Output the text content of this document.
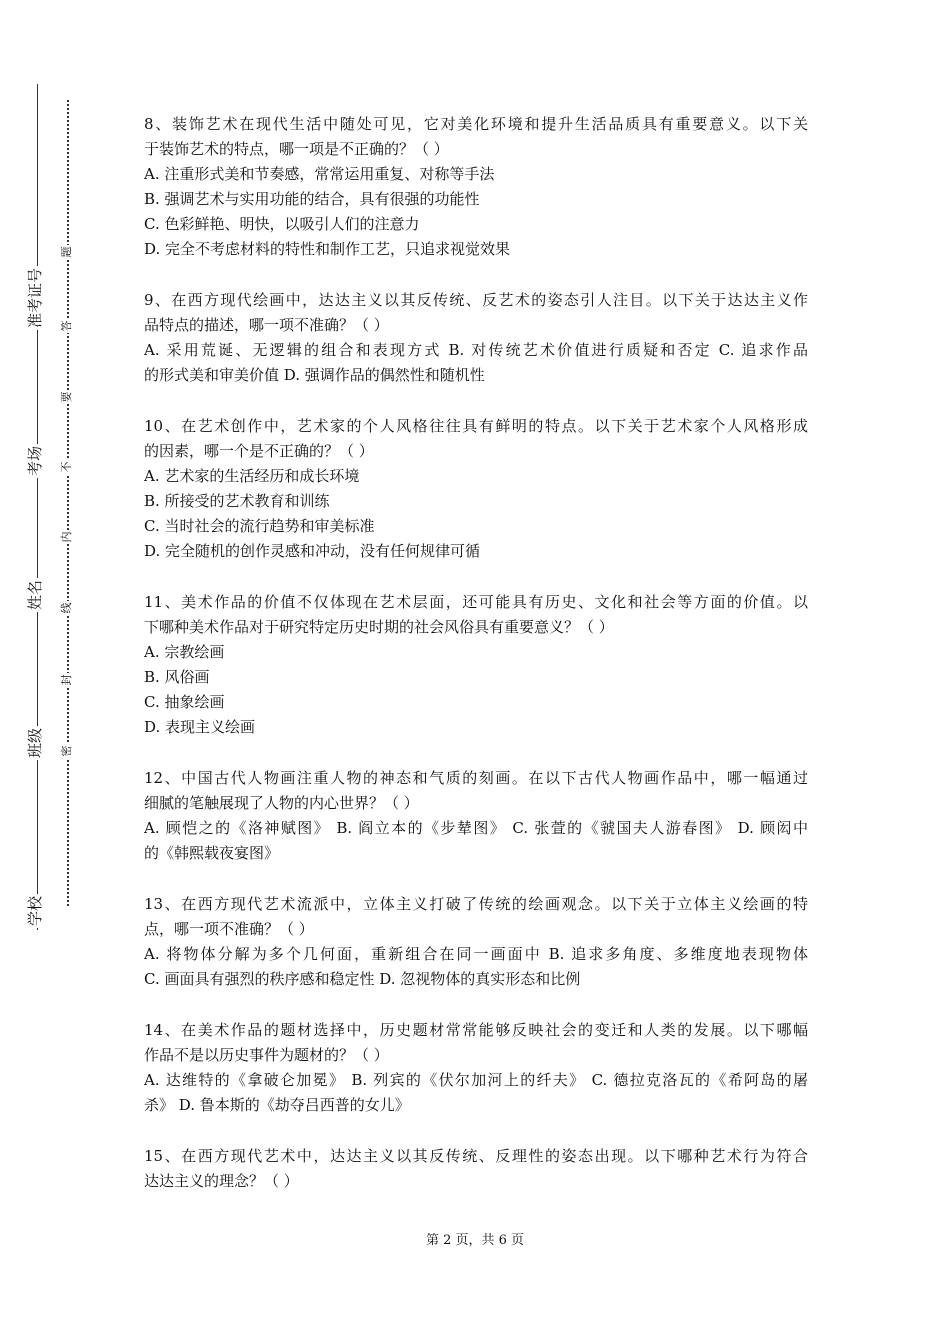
准考证号
考场
姓名
班级
学校
题
答
要
不
内
线
封
密
8、装饰艺术在现代生活中随处可见，它对美化环境和提升生活品质具有重要意义。以下关
于装饰艺术的特点，哪一项是不正确的？（ ）
A. 注重形式美和节奏感，常常运用重复、对称等手法
B. 强调艺术与实用功能的结合，具有很强的功能性
C. 色彩鲜艳、明快，以吸引人们的注意力
D. 完全不考虑材料的特性和制作工艺，只追求视觉效果
9、在西方现代绘画中，达达主义以其反传统、反艺术的姿态引人注目。以下关于达达主义作
品特点的描述，哪一项不准确？（ ）
A. 采用荒诞、无逻辑的组合和表现方式 B. 对传统艺术价值进行质疑和否定 C. 追求作品
的形式美和审美价值 D. 强调作品的偶然性和随机性
10、在艺术创作中，艺术家的个人风格往往具有鲜明的特点。以下关于艺术家个人风格形成
的因素，哪一个是不正确的？（ ）
A. 艺术家的生活经历和成长环境
B. 所接受的艺术教育和训练
C. 当时社会的流行趋势和审美标准
D. 完全随机的创作灵感和冲动，没有任何规律可循
11、美术作品的价值不仅体现在艺术层面，还可能具有历史、文化和社会等方面的价值。以
下哪种美术作品对于研究特定历史时期的社会风俗具有重要意义？（ ）
A. 宗教绘画
B. 风俗画
C. 抽象绘画
D. 表现主义绘画
12、中国古代人物画注重人物的神态和气质的刻画。在以下古代人物画作品中，哪一幅通过
细腻的笔触展现了人物的内心世界？（ ）
A. 顾恺之的《洛神赋图》 B. 阎立本的《步辇图》 C. 张萱的《虢国夫人游春图》 D. 顾闳中
的《韩熙载夜宴图》
13、在西方现代艺术流派中，立体主义打破了传统的绘画观念。以下关于立体主义绘画的特
点，哪一项不准确？（ ）
A. 将物体分解为多个几何面，重新组合在同一画面中 B. 追求多角度、多维度地表现物体
C. 画面具有强烈的秩序感和稳定性 D. 忽视物体的真实形态和比例
14、在美术作品的题材选择中，历史题材常常能够反映社会的变迁和人类的发展。以下哪幅
作品不是以历史事件为题材的？（ ）
A. 达维特的《拿破仑加冕》 B. 列宾的《伏尔加河上的纤夫》 C. 德拉克洛瓦的《希阿岛的屠
杀》 D. 鲁本斯的《劫夺吕西普的女儿》
15、在西方现代艺术中，达达主义以其反传统、反理性的姿态出现。以下哪种艺术行为符合
达达主义的理念？（ ）
第 2 页，共 6 页
